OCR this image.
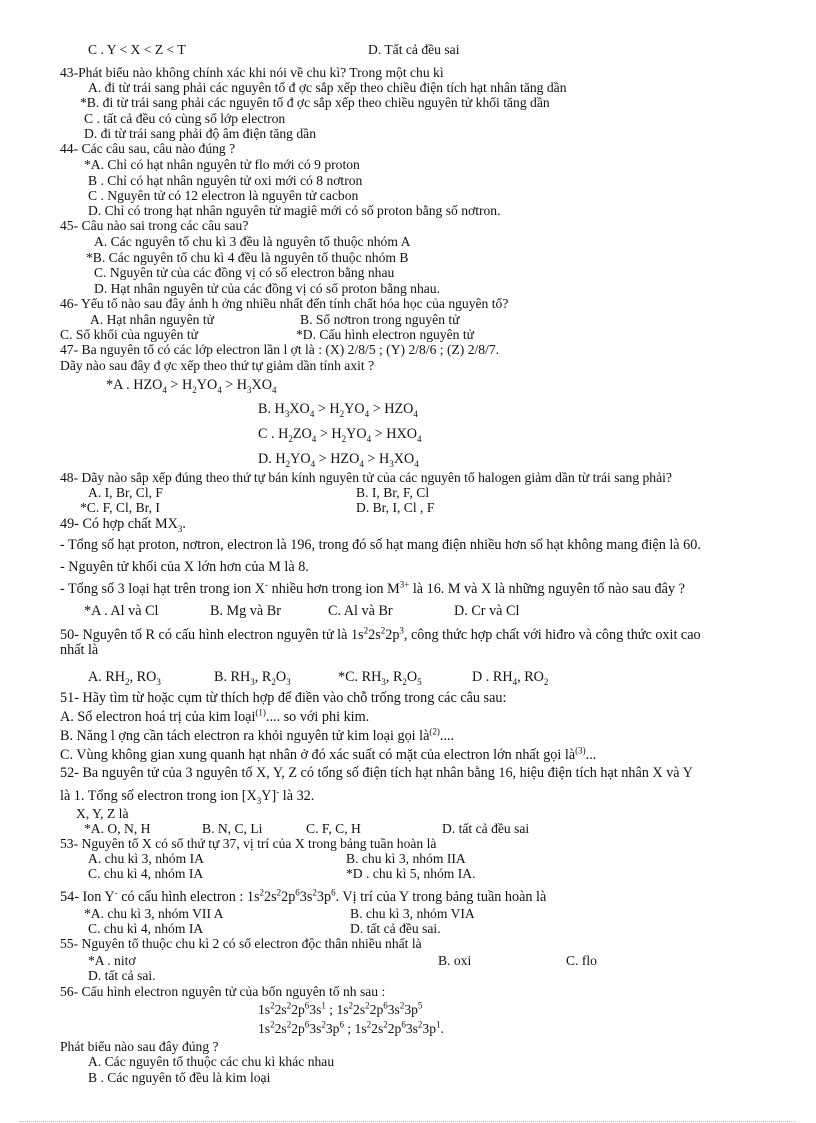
C . Y < X < Z < T	D. Tất cả đều sai
43-Phát biểu nào không chính xác khi nói về chu kì? Trong một chu kì
A. đi từ trái sang phải các nguyên tố đ ợc sắp xếp theo chiều điện tích hạt nhân tăng dần
*B. đi từ trái sang phải các nguyên tố đ ợc sắp xếp theo chiều nguyên tử khối tăng dần
C . tất cả đều có cùng số lớp electron
D. đi từ trái sang phải độ âm điện tăng dần
44- Các câu sau, câu nào đúng ?
*A. Chỉ có hạt nhân nguyên tử flo mới có 9 proton
B . Chỉ có hạt nhân nguyên tử oxi mới có 8 nơtron
C . Nguyên tử có 12 electron là nguyên tử cacbon
D. Chỉ có trong hạt nhân nguyên tử magiê mới có số proton bằng số nơtron.
45- Câu nào sai trong các câu sau?
A. Các nguyên tố chu kì 3 đều là nguyên tố thuộc nhóm A
*B. Các nguyên tố chu kì 4 đều là nguyên tố thuộc nhóm B
C. Nguyên tử của các đồng vị có số electron bằng nhau
D. Hạt nhân nguyên tử của các đồng vị có số proton bằng nhau.
46- Yếu tố nào sau đây ảnh h ởng nhiều nhất đến tính chất hóa học của nguyên tố?
A. Hạt nhân nguyên tử	B. Số nơtron trong nguyên tử
C. Số khối của nguyên tử	*D. Cấu hình electron nguyên tử
47- Ba nguyên tố có các lớp electron lần l ợt là : (X) 2/8/5 ; (Y) 2/8/6 ; (Z) 2/8/7.
Dãy nào sau đây đ ợc xếp theo thứ tự giảm dần tính axit ?
*A . $HZO_4 > H_2YO_4 > H_3XO_4$
B. $H_3XO_4 > H_2YO_4 > HZO_4$
C . $H_2ZO_4 > H_2YO_4 > HXO_4$
D. $H_2YO_4 > HZO_4 > H_3XO_4$
48- Dãy nào sắp xếp đúng theo thứ tự bán kính nguyên tử của các nguyên tố halogen giảm dần từ trái sang phải?
A. I, Br, Cl, F	B. I, Br, F, Cl
*C. F, Cl, Br, I	D. Br, I, Cl , F
49- Có hợp chất $MX_3$.
- Tổng số hạt proton, nơtron, electron là 196, trong đó số hạt mang điện nhiều hơn số hạt không mang điện là 60.
- Nguyên tử khối của X lớn hơn của M là 8.
- Tổng số 3 loại hạt trên trong ion X- nhiều hơn trong ion $M^{3+}$ là 16. M và X là những nguyên tố nào sau đây ?
*A . Al và Cl	B. Mg và Br	C. Al và Br	D. Cr và Cl
50- Nguyên tố R có cấu hình electron nguyên tử là $1s^22s^22p^3$, công thức hợp chất với hiđro và công thức oxit cao
nhất là
A. $RH_2$, $RO_3$	B. $RH_3$, $R_2O_3$	*C. $RH_3$, $R_2O_5$	D . $RH_4$, $RO_2$
51- Hãy tìm từ hoặc cụm từ thích hợp để điền vào chỗ trống trong các câu sau:
A. Số electron hoá trị của kim loại$^{(1)}$.... so với phi kim.
B. Năng l ợng cần tách electron ra khỏi nguyên tử kim loại gọi $là^{(2)}$....
C. Vùng không gian xung quanh hạt nhân ở đó xác suất có mặt của electron lớn nhất gọi $là^{(3)}$...
52- Ba nguyên tử của 3 nguyên tố X, Y, Z có tổng số điện tích hạt nhân bằng 16, hiệu điện tích hạt nhân X và Y
là 1. Tổng số electron trong ion $[X_3Y]^-$ là 32.
X, Y, Z là
*A. O, N, H	B. N, C, Li	C. F, C, H	D. tất cả đều sai
53- Nguyên tố X có số thứ tự 37, vị trí của X trong bảng tuần hoàn là
A. chu kì 3, nhóm IA	B. chu kì 3, nhóm IIA
C. chu kì 4, nhóm IA	*D . chu kì 5, nhóm IA.
54- Ion Y- có cấu hình electron : $1s^22s^22p^63s^23p^6$. Vị trí của Y trong bảng tuần hoàn là
*A. chu kì 3, nhóm VII A	B. chu kì 3, nhóm VIA
C. chu kì 4, nhóm IA	D. tất cả đều sai.
55- Nguyên tố thuộc chu kì 2 có số electron độc thân nhiều nhất là
*A . nitơ	B. oxi	C. flo
D. tất cả sai.
56- Cấu hình electron nguyên tử của bốn nguyên tố nh sau :
$1s^22s^22p^63s^1$ ; $1s^22s^22p^63s^23p^5$
$1s^22s^22p^63s^23p^6$ ; $1s^22s^22p^63s^23p^1$.
Phát biểu nào sau đây đúng ?
A. Các nguyên tố thuộc các chu kì khác nhau
B . Các nguyên tố đều là kim loại
